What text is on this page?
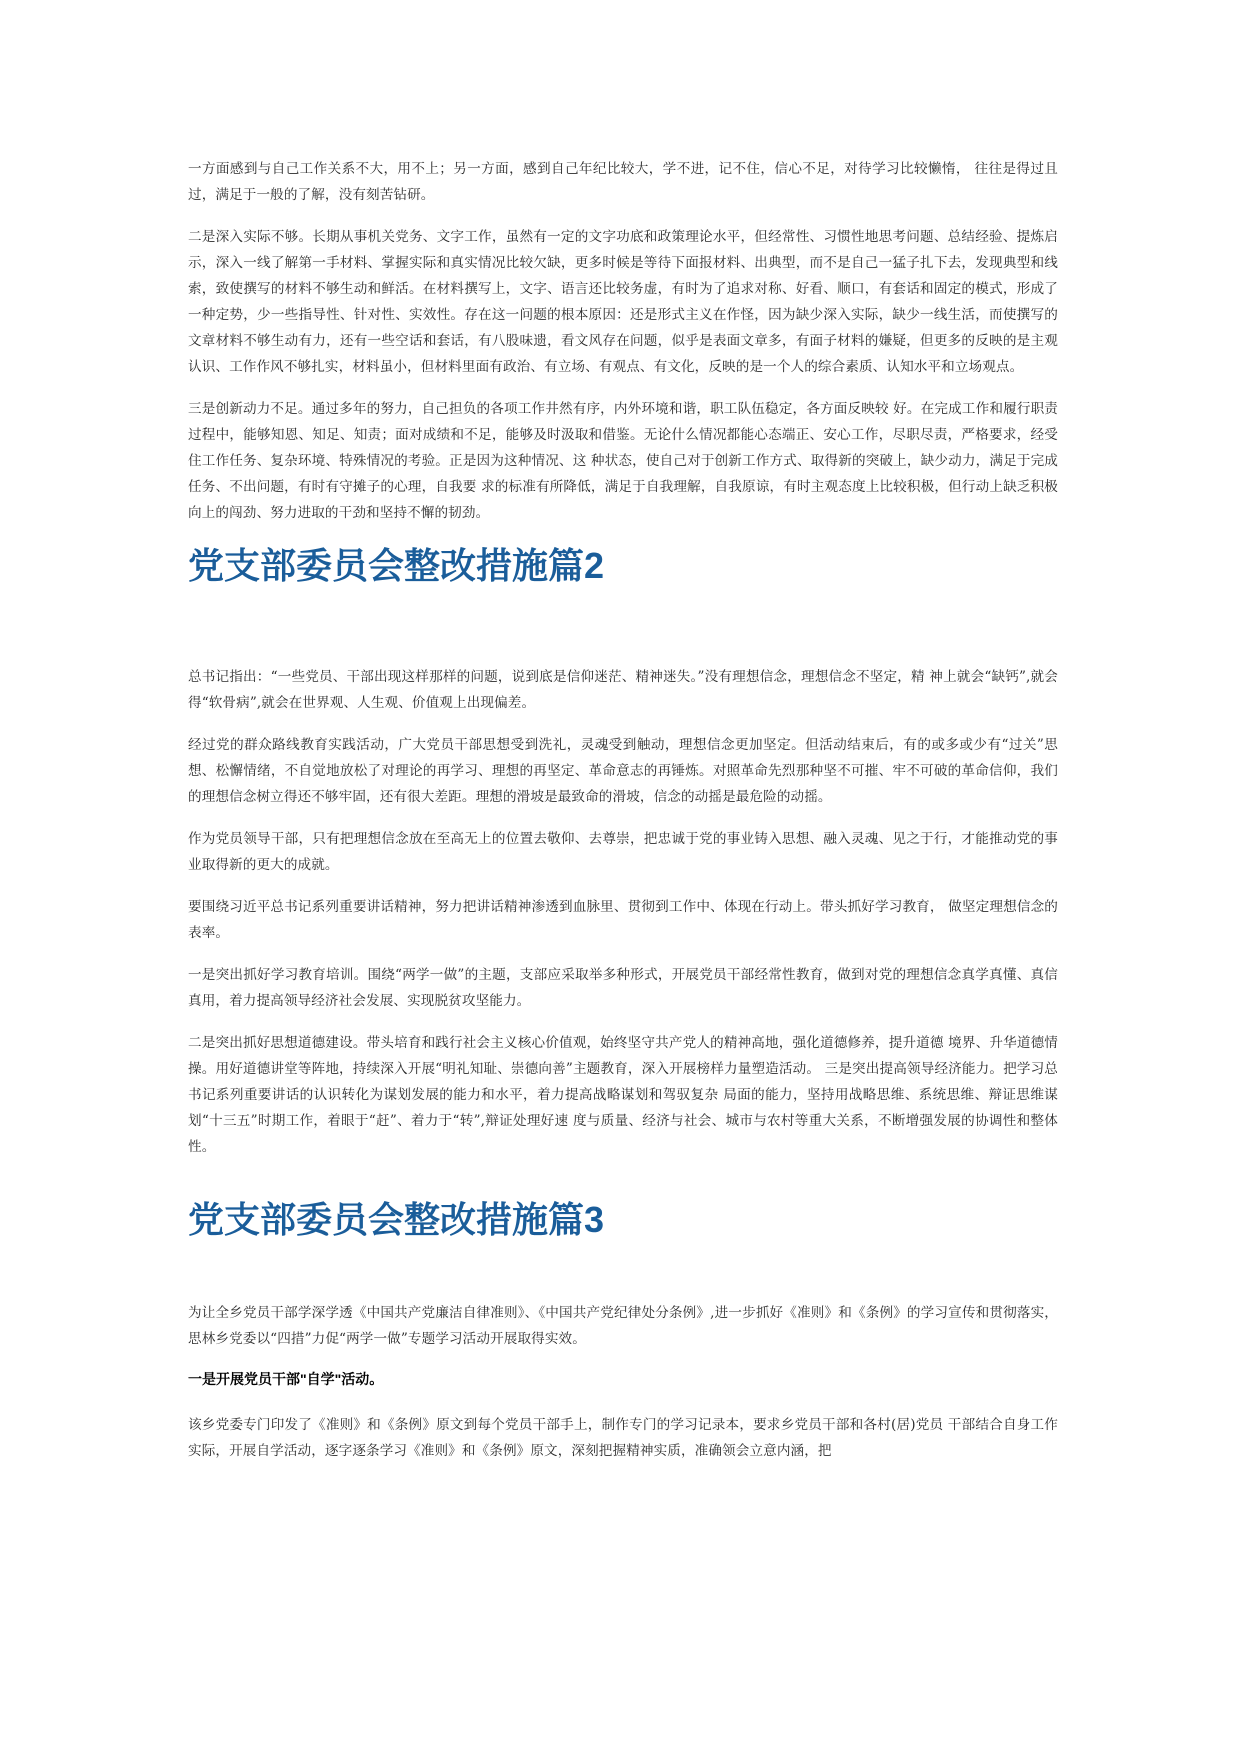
一方面感到与自己工作关系不大，用不上；另一方面，感到自己年纪比较大，学不进，记不住，信心不足，对待学习比较懒惰， 往往是得过且过，满足于一般的了解，没有刻苦钻研。

二是深入实际不够。长期从事机关党务、文字工作，虽然有一定的文字功底和政策理论水平，但经常性、习惯性地思考问题、总结经验、提炼启示，深入一线了解第一手材料、掌握实际和真实情况比较欠缺，更多时候是等待下面报材料、出典型，而不是自己一猛子扎下去，发现典型和线索，致使撰写的材料不够生动和鲜活。在材料撰写上，文字、语言还比较务虚，有时为了追求对称、好看、顺口，有套话和固定的模式，形成了一种定势，少一些指导性、针对性、实效性。存在这一问题的根本原因：还是形式主义在作怪，因为缺少深入实际，缺少一线生活，而使撰写的文章材料不够生动有力，还有一些空话和套话，有八股味遗，看文风存在问题，似乎是表面文章多，有面子材料的嫌疑，但更多的反映的是主观认识、工作作风不够扎实，材料虽小，但材料里面有政治、有立场、有观点、有文化，反映的是一个人的综合素质、认知水平和立场观点。

三是创新动力不足。通过多年的努力，自己担负的各项工作井然有序，内外环境和谐，职工队伍稳定，各方面反映较 好。在完成工作和履行职责过程中，能够知恩、知足、知责；面对成绩和不足，能够及时汲取和借鉴。无论什么情况都能心态端正、安心工作，尽职尽责，严格要求，经受住工作任务、复杂环境、特殊情况的考验。正是因为这种情况、这 种状态，使自己对于创新工作方式、取得新的突破上，缺少动力，满足于完成任务、不出问题，有时有守摊子的心理，自我要 求的标准有所降低，满足于自我理解，自我原谅，有时主观态度上比较积极，但行动上缺乏积极向上的闯劲、努力进取的干劲和坚持不懈的韧劲。

党支部委员会整改措施篇2

总书记指出：“一些党员、干部出现这样那样的问题，说到底是信仰迷茫、精神迷失。”没有理想信念，理想信念不坚定，精 神上就会“缺钙”,就会得“软骨病”,就会在世界观、人生观、价值观上出现偏差。

经过党的群众路线教育实践活动，广大党员干部思想受到洗礼，灵魂受到触动，理想信念更加坚定。但活动结束后，有的或多或少有“过关”思想、松懈情绪，不自觉地放松了对理论的再学习、理想的再坚定、革命意志的再锤炼。对照革命先烈那种坚不可摧、牢不可破的革命信仰，我们的理想信念树立得还不够牢固，还有很大差距。理想的滑坡是最致命的滑坡，信念的动摇是最危险的动摇。

作为党员领导干部，只有把理想信念放在至高无上的位置去敬仰、去尊崇，把忠诚于党的事业铸入思想、融入灵魂、见之于行，才能推动党的事业取得新的更大的成就。

要围绕习近平总书记系列重要讲话精神，努力把讲话精神渗透到血脉里、贯彻到工作中、体现在行动上。带头抓好学习教育， 做坚定理想信念的表率。

一是突出抓好学习教育培训。围绕“两学一做”的主题，支部应采取举多种形式，开展党员干部经常性教育，做到对党的理想信念真学真懂、真信真用，着力提高领导经济社会发展、实现脱贫攻坚能力。

二是突出抓好思想道德建设。带头培育和践行社会主义核心价值观，始终坚守共产党人的精神高地，强化道德修养，提升道德 境界、升华道德情操。用好道德讲堂等阵地，持续深入开展“明礼知耻、崇德向善”主题教育，深入开展榜样力量塑造活动。 三是突出提高领导经济能力。把学习总书记系列重要讲话的认识转化为谋划发展的能力和水平，着力提高战略谋划和驾驭复杂 局面的能力，坚持用战略思维、系统思维、辩证思维谋划“十三五”时期工作，着眼于“赶”、着力于“转”,辩证处理好速 度与质量、经济与社会、城市与农村等重大关系，不断增强发展的协调性和整体性。

党支部委员会整改措施篇3

为让全乡党员干部学深学透《中国共产党廉洁自律准则》、《中国共产党纪律处分条例》,进一步抓好《准则》和《条例》的学习宣传和贯彻落实，思林乡党委以“四措”力促“两学一做”专题学习活动开展取得实效。

一是开展党员干部"自学"活动。

该乡党委专门印发了《准则》和《条例》原文到每个党员干部手上，制作专门的学习记录本，要求乡党员干部和各村(居)党员 干部结合自身工作实际，开展自学活动，逐字逐条学习《准则》和《条例》原文，深刻把握精神实质，准确领会立意内涵，把
